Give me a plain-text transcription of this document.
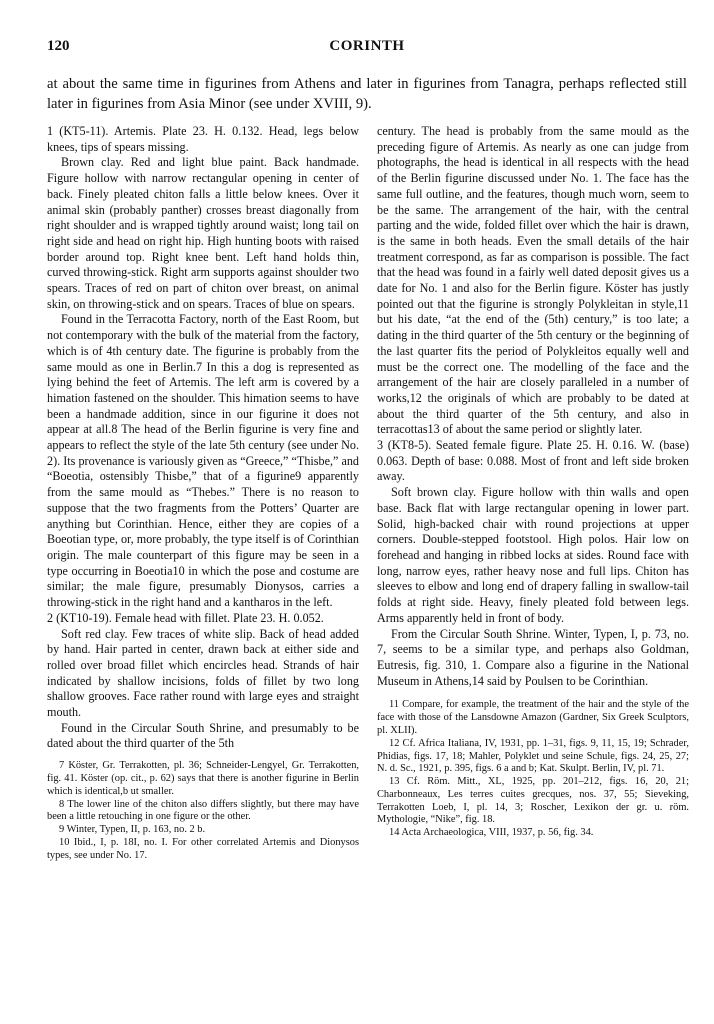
120	CORINTH
at about the same time in figurines from Athens and later in figurines from Tanagra, perhaps reflected still later in figurines from Asia Minor (see under XVIII, 9).

1 (KT5-11). Artemis. Plate 23. H. 0.132. Head, legs below knees, tips of spears missing.

Brown clay. Red and light blue paint. Back handmade. Figure hollow with narrow rectangular opening in center of back. Finely pleated chiton falls a little below knees. Over it animal skin (probably panther) crosses breast diagonally from right shoulder and is wrapped tightly around waist; long tail on right side and head on right hip. High hunting boots with raised border around top. Right knee bent. Left hand holds thin, curved throwing-stick. Right arm supports against shoulder two spears. Traces of red on part of chiton over breast, on animal skin, on throwing-stick and on spears. Traces of blue on spears.

Found in the Terracotta Factory, north of the East Room, but not contemporary with the bulk of the material from the factory, which is of 4th century date. The figurine is probably from the same mould as one in Berlin.7 In this a dog is represented as lying behind the feet of Artemis. The left arm is covered by a himation fastened on the shoulder. This himation seems to have been a handmade addition, since in our figurine it does not appear at all.8 The head of the Berlin figurine is very fine and appears to reflect the style of the late 5th century (see under No. 2). Its provenance is variously given as “Greece,” “Thisbe,” and “Boeotia, ostensibly Thisbe,” that of a figurine9 apparently from the same mould as “Thebes.” There is no reason to suppose that the two fragments from the Potters’ Quarter are anything but Corinthian. Hence, either they are copies of a Boeotian type, or, more probably, the type itself is of Corinthian origin. The male counterpart of this figure may be seen in a type occurring in Boeotia10 in which the pose and costume are similar; the male figure, presumably Dionysos, carries a throwing-stick in the right hand and a kantharos in the left.

2 (KT10-19). Female head with fillet. Plate 23. H. 0.052.

Soft red clay. Few traces of white slip. Back of head added by hand. Hair parted in center, drawn back at either side and rolled over broad fillet which encircles head. Strands of hair indicated by shallow incisions, folds of fillet by two long shallow grooves. Face rather round with large eyes and straight mouth.

Found in the Circular South Shrine, and presumably to be dated about the third quarter of the 5th

7 Köster, Gr. Terrakotten, pl. 36; Schneider-Lengyel, Gr. Terrakotten, fig. 41. Köster (op. cit., p. 62) says that there is another figurine in Berlin which is identical,b ut smaller.

8 The lower line of the chiton also differs slightly, but there may have been a little retouching in one figure or the other.

9 Winter, Typen, II, p. 163, no. 2 b.

10 Ibid., I, p. 18I, no. I. For other correlated Artemis and Dionysos types, see under No. 17.

century. The head is probably from the same mould as the preceding figure of Artemis. As nearly as one can judge from photographs, the head is identical in all respects with the head of the Berlin figurine discussed under No. 1. The face has the same full outline, and the features, though much worn, seem to be the same. The arrangement of the hair, with the central parting and the wide, folded fillet over which the hair is drawn, is the same in both heads. Even the small details of the hair treatment correspond, as far as comparison is possible. The fact that the head was found in a fairly well dated deposit gives us a date for No. 1 and also for the Berlin figure. Köster has justly pointed out that the figurine is strongly Polykleitan in style,11 but his date, “at the end of the (5th) century,” is too late; a dating in the third quarter of the 5th century or the beginning of the last quarter fits the period of Polykleitos equally well and must be the correct one. The modelling of the face and the arrangement of the hair are closely paralleled in a number of works,12 the originals of which are probably to be dated at about the third quarter of the 5th century, and also in terracottas13 of about the same period or slightly later.

3 (KT8-5). Seated female figure. Plate 25. H. 0.16. W. (base) 0.063. Depth of base: 0.088. Most of front and left side broken away.

Soft brown clay. Figure hollow with thin walls and open base. Back flat with large rectangular opening in lower part. Solid, high-backed chair with round projections at upper corners. Double-stepped footstool. High polos. Hair low on forehead and hanging in ribbed locks at sides. Round face with long, narrow eyes, rather heavy nose and full lips. Chiton has sleeves to elbow and long end of drapery falling in swallow-tail folds at right side. Heavy, finely pleated fold between legs. Arms apparently held in front of body.

From the Circular South Shrine. Winter, Typen, I, p. 73, no. 7, seems to be a similar type, and perhaps also Goldman, Eutresis, fig. 310, 1. Compare also a figurine in the National Museum in Athens,14 said by Poulsen to be Corinthian.

11 Compare, for example, the treatment of the hair and the style of the face with those of the Lansdowne Amazon (Gardner, Six Greek Sculptors, pl. XLII).

12 Cf. Africa Italiana, IV, 1931, pp. 1–31, figs. 9, 11, 15, 19; Schrader, Phidias, figs. 17, 18; Mahler, Polyklet und seine Schule, figs. 24, 25, 27; N. d. Sc., 1921, p. 395, figs. 6 a and b; Kat. Skulpt. Berlin, IV, pl. 71.

13 Cf. Röm. Mitt., XL, 1925, pp. 201–212, figs. 16, 20, 21; Charbonneaux, Les terres cuites grecques, nos. 37, 55; Sieveking, Terrakotten Loeb, I, pl. 14, 3; Roscher, Lexikon der gr. u. röm. Mythologie, “Nike”, fig. 18.

14 Acta Archaeologica, VIII, 1937, p. 56, fig. 34.
